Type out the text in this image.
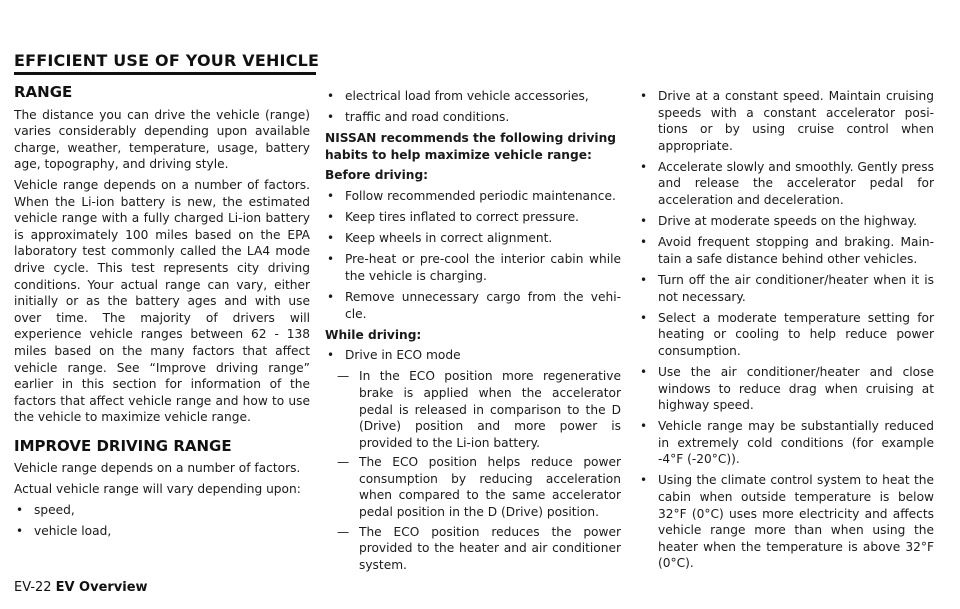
EFFICIENT USE OF YOUR VEHICLE
RANGE

The distance you can drive the vehicle (range) varies considerably depending upon available charge, weather, temperature, usage, battery age, topography, and driving style.

Vehicle range depends on a number of factors. When the Li-ion battery is new, the estimated vehicle range with a fully charged Li-ion battery is approximately 100 miles based on the EPA laboratory test commonly called the LA4 mode drive cycle. This test represents city driving conditions. Your actual range can vary, either initially or as the battery ages and with use over time. The majority of drivers will experience vehicle ranges between 62 - 138 miles based on the many factors that affect vehicle range. See “Improve driving range” earlier in this section for information of the factors that affect vehicle range and how to use the vehicle to maximize vehicle range.

IMPROVE DRIVING RANGE

Vehicle range depends on a number of factors.

Actual vehicle range will vary depending upon:

• speed,
• vehicle load,
• electrical load from vehicle accessories,
• traffic and road conditions.
NISSAN recommends the following driving habits to help maximize vehicle range:
Before driving:
• Follow recommended periodic maintenance.
• Keep tires inflated to correct pressure.
• Keep wheels in correct alignment.
• Pre-heat or pre-cool the interior cabin while the vehicle is charging.
• Remove unnecessary cargo from the vehi-cle.
While driving:
• Drive in ECO mode
— In the ECO position more regenerative brake is applied when the accelerator pedal is released in comparison to the D (Drive) position and more power is provided to the Li-ion battery.
— The ECO position helps reduce power consumption by reducing acceleration when compared to the same accelerator pedal position in the D (Drive) position.
— The ECO position reduces the power provided to the heater and air conditioner system.
• Drive at a constant speed. Maintain cruising speeds with a constant accelerator posi-tions or by using cruise control when appropriate.
• Accelerate slowly and smoothly. Gently press and release the accelerator pedal for acceleration and deceleration.
• Drive at moderate speeds on the highway.
• Avoid frequent stopping and braking. Main-tain a safe distance behind other vehicles.
• Turn off the air conditioner/heater when it is not necessary.
• Select a moderate temperature setting for heating or cooling to help reduce power consumption.
• Use the air conditioner/heater and close windows to reduce drag when cruising at highway speed.
• Vehicle range may be substantially reduced in extremely cold conditions (for example -4°F (-20°C)).
• Using the climate control system to heat the cabin when outside temperature is below 32°F (0°C) uses more electricity and affects vehicle range more than when using the heater when the temperature is above 32°F (0°C).
EV-22 EV Overview
